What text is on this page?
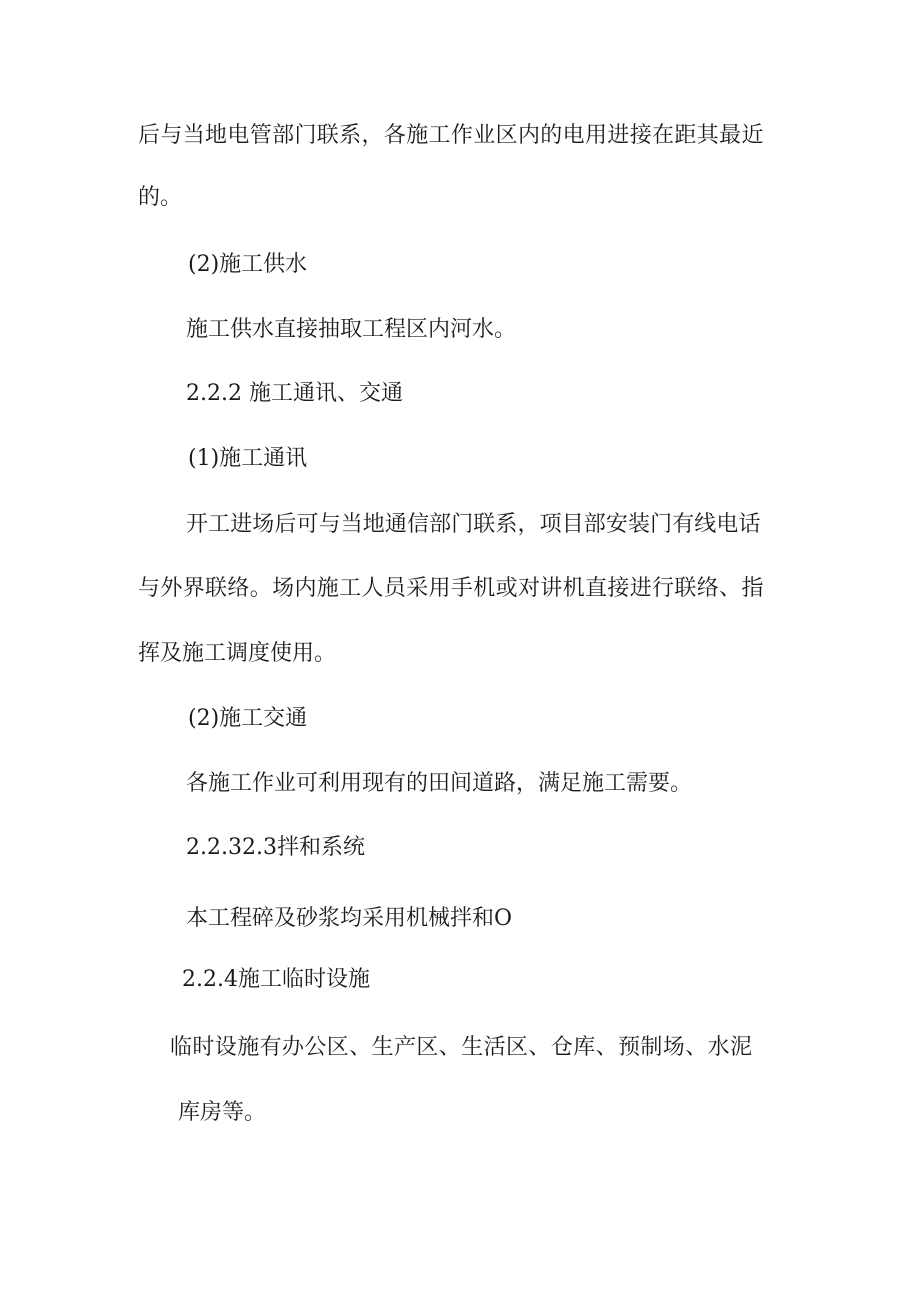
后与当地电管部门联系，各施工作业区内的电用进接在距其最近

的。

(2)施工供水

施工供水直接抽取工程区内河水。

2.2.2 施工通讯、交通

(1)施工通讯

开工进场后可与当地通信部门联系，项目部安装门有线电话

与外界联络。场内施工人员采用手机或对讲机直接进行联络、指

挥及施工调度使用。

(2)施工交通

各施工作业可利用现有的田间道路，满足施工需要。

2.2.32.3拌和系统

本工程碎及砂浆均采用机械拌和O

2.2.4施工临时设施

临时设施有办公区、生产区、生活区、仓库、预制场、水泥

库房等。
